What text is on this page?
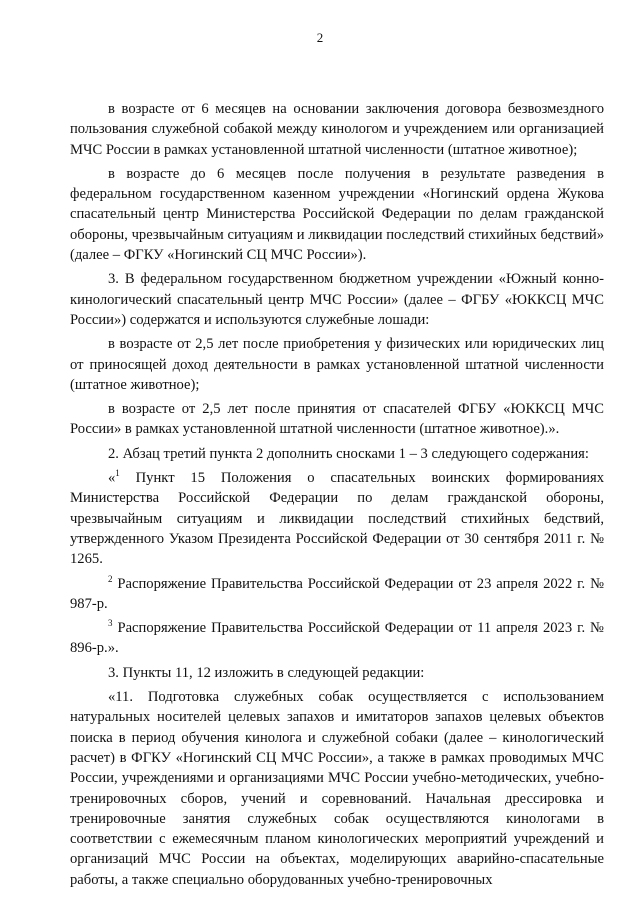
2

в возрасте от 6 месяцев на основании заключения договора безвозмездного пользования служебной собакой между кинологом и учреждением или организацией МЧС России в рамках установленной штатной численности (штатное животное);

в возрасте до 6 месяцев после получения в результате разведения в федеральном государственном казенном учреждении «Ногинский ордена Жукова спасательный центр Министерства Российской Федерации по делам гражданской обороны, чрезвычайным ситуациям и ликвидации последствий стихийных бедствий» (далее – ФГКУ «Ногинский СЦ МЧС России»).

3. В федеральном государственном бюджетном учреждении «Южный конно-кинологический спасательный центр МЧС России» (далее – ФГБУ «ЮККСЦ МЧС России») содержатся и используются служебные лошади:

в возрасте от 2,5 лет после приобретения у физических или юридических лиц от приносящей доход деятельности в рамках установленной штатной численности (штатное животное);

в возрасте от 2,5 лет после принятия от спасателей ФГБУ «ЮККСЦ МЧС России» в рамках установленной штатной численности (штатное животное).».

2. Абзац третий пункта 2 дополнить сносками 1 – 3 следующего содержания:

«$^1$ Пункт 15 Положения о спасательных воинских формированиях Министерства Российской Федерации по делам гражданской обороны, чрезвычайным ситуациям и ликвидации последствий стихийных бедствий, утвержденного Указом Президента Российской Федерации от 30 сентября 2011 г. № 1265.

$^2$ Распоряжение Правительства Российской Федерации от 23 апреля 2022 г. № 987-р.

$^3$ Распоряжение Правительства Российской Федерации от 11 апреля 2023 г. № 896-р.».

3. Пункты 11, 12 изложить в следующей редакции:

«11. Подготовка служебных собак осуществляется с использованием натуральных носителей целевых запахов и имитаторов запахов целевых объектов поиска в период обучения кинолога и служебной собаки (далее – кинологический расчет) в ФГКУ «Ногинский СЦ МЧС России», а также в рамках проводимых МЧС России, учреждениями и организациями МЧС России учебно-методических, учебно-тренировочных сборов, учений и соревнований. Начальная дрессировка и тренировочные занятия служебных собак осуществляются кинологами в соответствии с ежемесячным планом кинологических мероприятий учреждений и организаций МЧС России на объектах, моделирующих аварийно-спасательные работы, а также специально оборудованных учебно-тренировочных
